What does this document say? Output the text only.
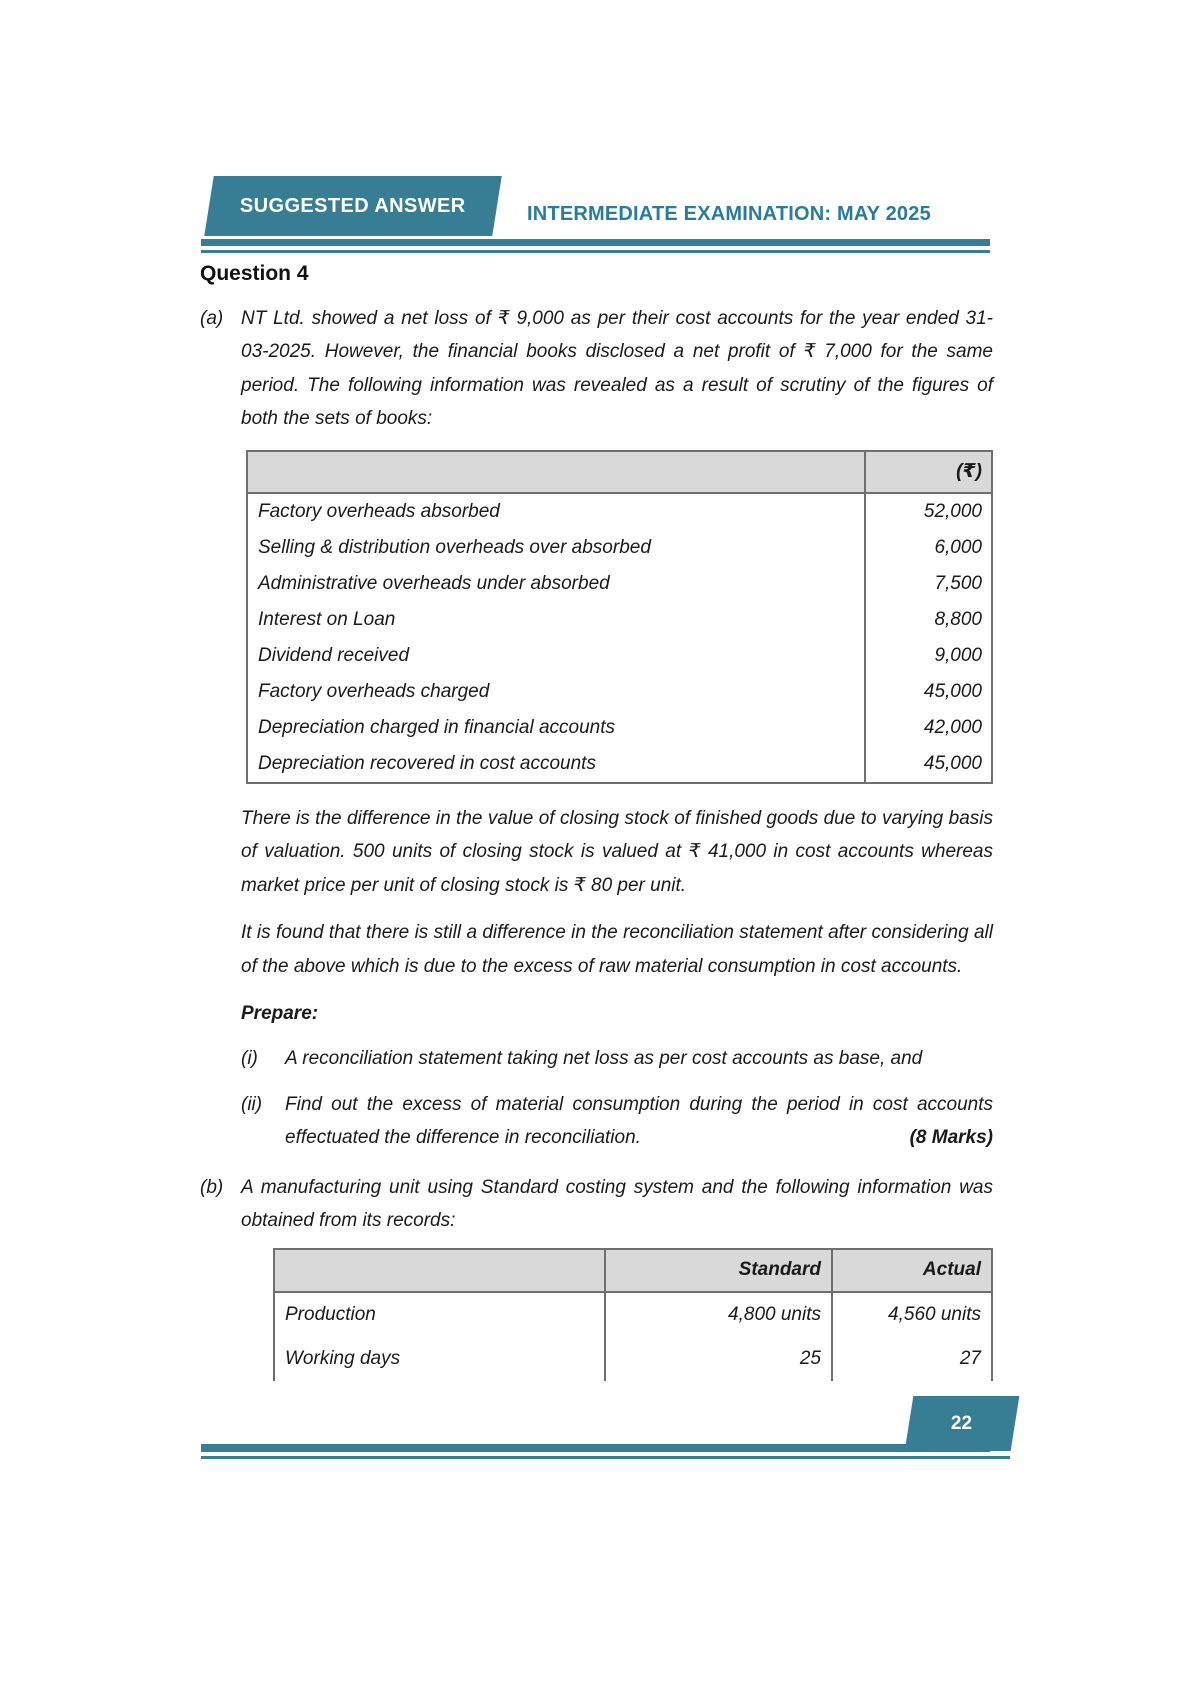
SUGGESTED ANSWER	INTERMEDIATE EXAMINATION: MAY 2025
Question 4
(a) NT Ltd. showed a net loss of ₹ 9,000 as per their cost accounts for the year ended 31-03-2025. However, the financial books disclosed a net profit of ₹ 7,000 for the same period. The following information was revealed as a result of scrutiny of the figures of both the sets of books:

	(₹)
Factory overheads absorbed	52,000
Selling & distribution overheads over absorbed	6,000
Administrative overheads under absorbed	7,500
Interest on Loan	8,800
Dividend received	9,000
Factory overheads charged	45,000
Depreciation charged in financial accounts	42,000
Depreciation recovered in cost accounts	45,000

There is the difference in the value of closing stock of finished goods due to varying basis of valuation. 500 units of closing stock is valued at ₹ 41,000 in cost accounts whereas market price per unit of closing stock is ₹ 80 per unit.

It is found that there is still a difference in the reconciliation statement after considering all of the above which is due to the excess of raw material consumption in cost accounts.

Prepare:

(i)	A reconciliation statement taking net loss as per cost accounts as base, and
(ii)	Find out the excess of material consumption during the period in cost accounts effectuated the difference in reconciliation.	(8 Marks)
(b) A manufacturing unit using Standard costing system and the following information was obtained from its records:

	Standard	Actual
Production	4,800 units	4,560 units
Working days	25	27
22
